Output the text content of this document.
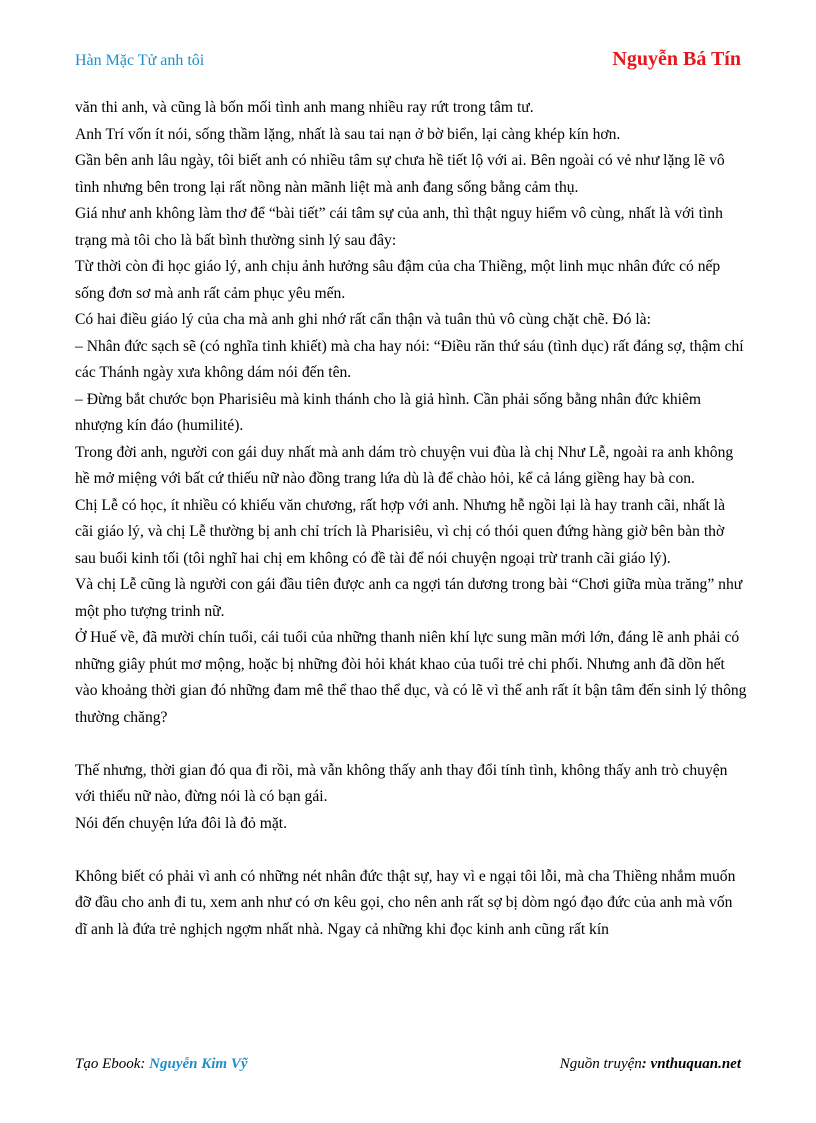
Hàn Mặc Tử anh tôi	Nguyễn Bá Tín

văn thi anh, và cũng là bốn mối tình anh mang nhiều ray rứt trong tâm tư.

Anh Trí vốn ít nói, sống thầm lặng, nhất là sau tai nạn ở bờ biển, lại càng khép kín hơn.

Gần bên anh lâu ngày, tôi biết anh có nhiều tâm sự chưa hề tiết lộ với ai. Bên ngoài có vẻ như lặng lẽ vô tình nhưng bên trong lại rất nồng nàn mãnh liệt mà anh đang sống bằng cảm thụ.

Giá như anh không làm thơ để “bài tiết” cái tâm sự của anh, thì thật nguy hiểm vô cùng, nhất là với tình trạng mà tôi cho là bất bình thường sinh lý sau đây:

Từ thời còn đi học giáo lý, anh chịu ảnh hưởng sâu đậm của cha Thiềng, một linh mục nhân đức có nếp sống đơn sơ mà anh rất cảm phục yêu mến.

Có hai điều giáo lý của cha mà anh ghi nhớ rất cẩn thận và tuân thủ vô cùng chặt chẽ. Đó là:

– Nhân đức sạch sẽ (có nghĩa tinh khiết) mà cha hay nói: “Điều răn thứ sáu (tình dục) rất đáng sợ, thậm chí các Thánh ngày xưa không dám nói đến tên.

– Đừng bắt chước bọn Pharisiêu mà kinh thánh cho là giả hình. Cần phải sống bằng nhân đức khiêm nhượng kín đáo (humilité).

Trong đời anh, người con gái duy nhất mà anh dám trò chuyện vui đùa là chị Như Lễ, ngoài ra anh không hề mở miệng với bất cứ thiếu nữ nào đồng trang lứa dù là để chào hỏi, kể cả láng giềng hay bà con.

Chị Lễ có học, ít nhiều có khiếu văn chương, rất hợp với anh. Nhưng hễ ngồi lại là hay tranh cãi, nhất là cãi giáo lý, và chị Lễ thường bị anh chỉ trích là Pharisiêu, vì chị có thói quen đứng hàng giờ bên bàn thờ sau buổi kinh tối (tôi nghĩ hai chị em không có đề tài để nói chuyện ngoại trừ tranh cãi giáo lý).

Và chị Lễ cũng là người con gái đầu tiên được anh ca ngợi tán dương trong bài “Chơi giữa mùa trăng” như một pho tượng trinh nữ.

Ở Huế về, đã mười chín tuổi, cái tuổi của những thanh niên khí lực sung mãn mới lớn, đáng lẽ anh phải có những giây phút mơ mộng, hoặc bị những đòi hỏi khát khao của tuổi trẻ chi phối. Nhưng anh đã dồn hết vào khoảng thời gian đó những đam mê thể thao thể dục, và có lẽ vì thế anh rất ít bận tâm đến sinh lý thông thường chăng?

Thế nhưng, thời gian đó qua đi rồi, mà vẫn không thấy anh thay đổi tính tình, không thấy anh trò chuyện với thiếu nữ nào, đừng nói là có bạn gái.

Nói đến chuyện lứa đôi là đỏ mặt.

Không biết có phải vì anh có những nét nhân đức thật sự, hay vì e ngại tôi lỗi, mà cha Thiềng nhắm muốn đỡ đầu cho anh đi tu, xem anh như có ơn kêu gọi, cho nên anh rất sợ bị dòm ngó đạo đức của anh mà vốn dĩ anh là đứa trẻ nghịch ngợm nhất nhà. Ngay cả những khi đọc kinh anh cũng rất kín

Tạo Ebook: Nguyễn Kim Vỹ	Nguồn truyện: vnthuquan.net
